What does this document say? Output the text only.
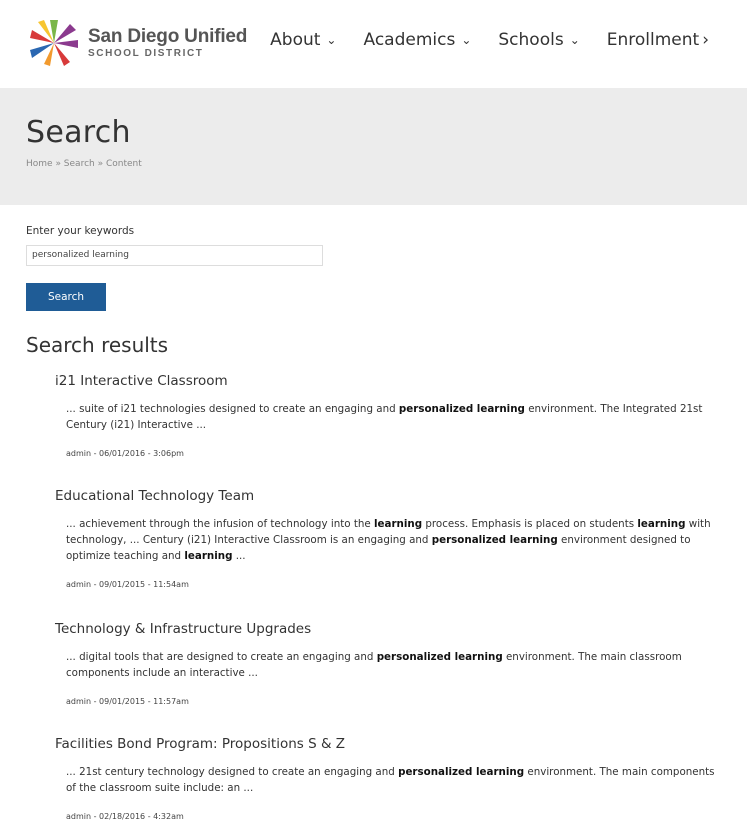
San Diego Unified
SCHOOL DISTRICT
About ⌄ Academics ⌄ Schools ⌄ Enrollment ›
Search
Home » Search » Content
Enter your keywords
personalized learning
Search
Search results
i21 Interactive Classroom
... suite of i21 technologies designed to create an engaging and personalized learning environment. The Integrated 21st Century (i21) Interactive ...
admin - 06/01/2016 - 3:06pm
Educational Technology Team
... achievement through the infusion of technology into the learning process. Emphasis is placed on students learning with technology, ... Century (i21) Interactive Classroom is an engaging and personalized learning environment designed to optimize teaching and learning ...
admin - 09/01/2015 - 11:54am
Technology & Infrastructure Upgrades
... digital tools that are designed to create an engaging and personalized learning environment. The main classroom components include an interactive ...
admin - 09/01/2015 - 11:57am
Facilities Bond Program: Propositions S & Z
... 21st century technology designed to create an engaging and personalized learning environment. The main components of the classroom suite include: an ...
admin - 02/18/2016 - 4:32am
